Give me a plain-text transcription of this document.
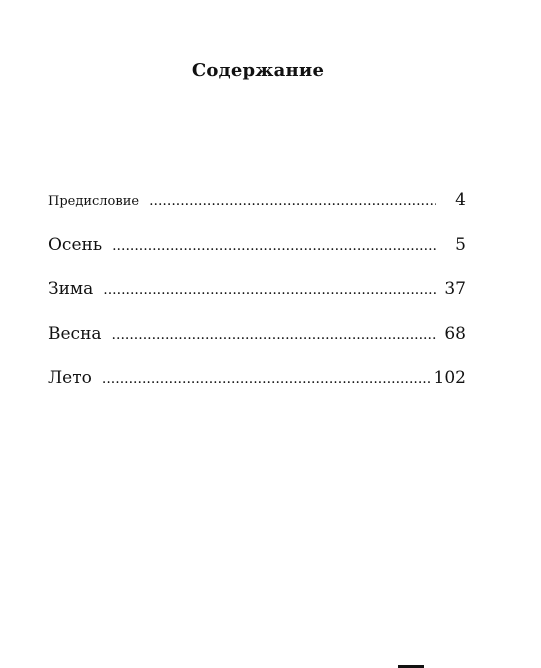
Содержание
Предисловие .....	4
Осень .....	5
Зима .....	37
Весна .....	68
Лето .....	102
